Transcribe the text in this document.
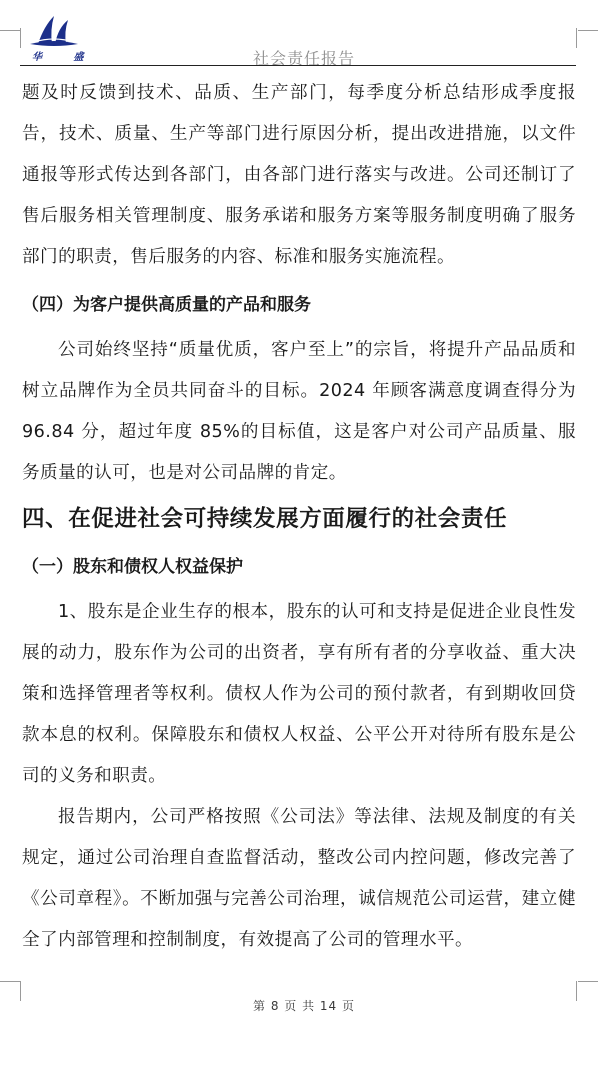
华 盛	社会责任报告

题及时反馈到技术、品质、生产部门，每季度分析总结形成季度报告，技术、质量、生产等部门进行原因分析，提出改进措施，以文件通报等形式传达到各部门，由各部门进行落实与改进。公司还制订了售后服务相关管理制度、服务承诺和服务方案等服务制度明确了服务部门的职责，售后服务的内容、标准和服务实施流程。

（四）为客户提供高质量的产品和服务

公司始终坚持“质量优质，客户至上”的宗旨，将提升产品品质和树立品牌作为全员共同奋斗的目标。2024 年顾客满意度调查得分为 96.84 分，超过年度 85%的目标值，这是客户对公司产品质量、服务质量的认可，也是对公司品牌的肯定。

四、在促进社会可持续发展方面履行的社会责任
（一）股东和债权人权益保护

1、股东是企业生存的根本，股东的认可和支持是促进企业良性发展的动力，股东作为公司的出资者，享有所有者的分享收益、重大决策和选择管理者等权利。债权人作为公司的预付款者，有到期收回贷款本息的权利。保障股东和债权人权益、公平公开对待所有股东是公司的义务和职责。

报告期内，公司严格按照《公司法》等法律、法规及制度的有关规定，通过公司治理自查监督活动，整改公司内控问题，修改完善了《公司章程》。不断加强与完善公司治理，诚信规范公司运营，建立健全了内部管理和控制制度，有效提高了公司的管理水平。

第 8 页 共 14 页
